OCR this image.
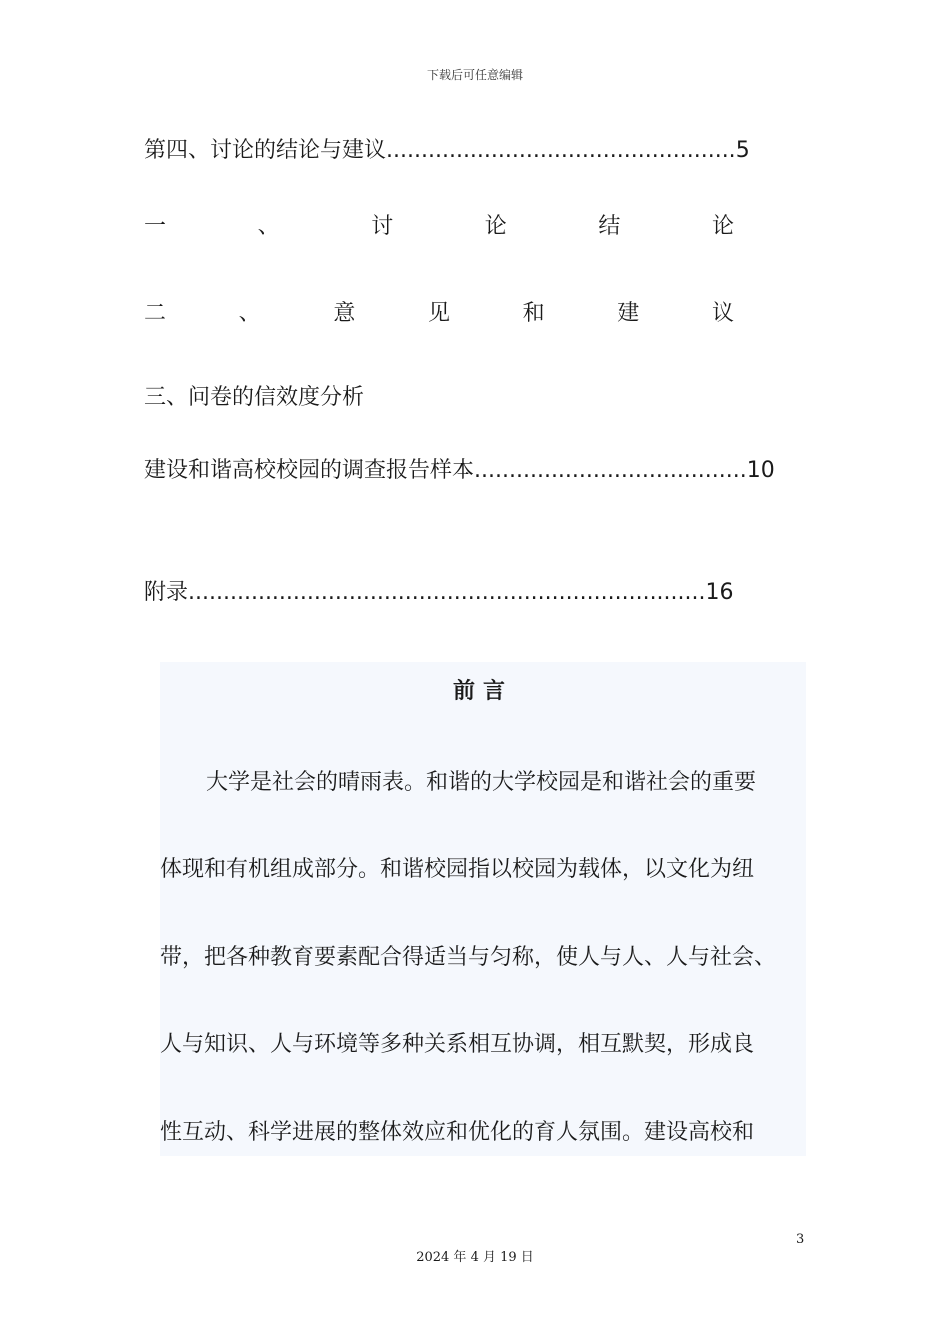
下载后可任意编辑
第四、讨论的结论与建议..................................................5
一	、	讨	论	结	论
二	、	意	见	和	建	议
三、问卷的信效度分析
建设和谐高校校园的调查报告样本.......................................10
附录..........................................................................16
前言
大学是社会的晴雨表。和谐的大学校园是和谐社会的重要
体现和有机组成部分。和谐校园指以校园为载体，以文化为纽
带，把各种教育要素配合得适当与匀称，使人与人、人与社会、
人与知识、人与环境等多种关系相互协调，相互默契，形成良
性互动、科学进展的整体效应和优化的育人氛围。建设高校和
3
2024 年 4 月 19 日
